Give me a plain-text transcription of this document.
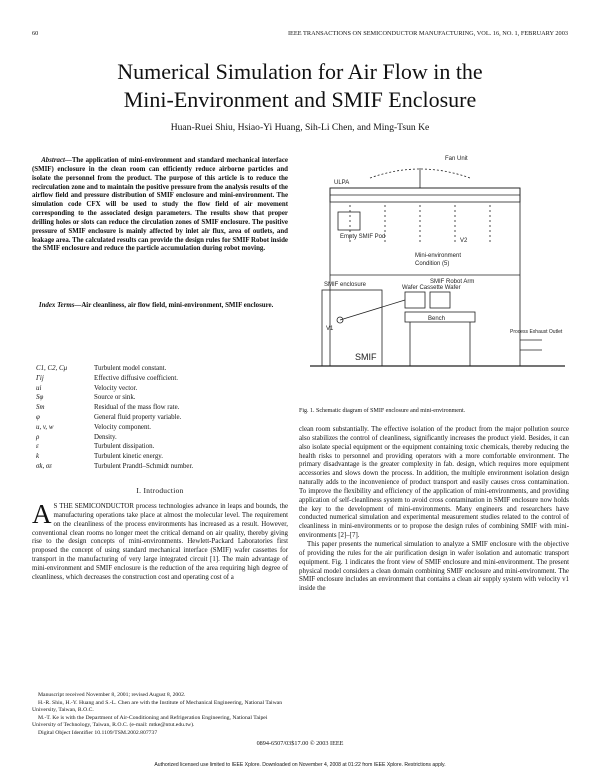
60	IEEE TRANSACTIONS ON SEMICONDUCTOR MANUFACTURING, VOL. 16, NO. 1, FEBRUARY 2003
Numerical Simulation for Air Flow in the
Mini-Environment and SMIF Enclosure
Huan-Ruei Shiu, Hsiao-Yi Huang, Sih-Li Chen, and Ming-Tsun Ke

Abstract—The application of mini-environment and standard mechanical interface (SMIF) enclosure in the clean room can efficiently reduce airborne particles and isolate the personnel from the product. The purpose of this article is to reduce the recirculation zone and to maintain the positive pressure from the analysis results of the airflow field and pressure distribution of SMIF enclosure and mini-environment. The simulation code CFX will be used to study the flow field of air movement corresponding to the associated design parameters. The results show that proper drilling holes or slots can reduce the circulation zones of SMIF enclosure. The positive pressure of SMIF enclosure is mainly affected by inlet air flux, area of outlets, and leakage area. The calculated results can provide the design rules for SMIF Robot inside the SMIF enclosure and reduce the particle accumulation during robot moving.

Index Terms—Air cleanliness, air flow field, mini-environment, SMIF enclosure.

C1, C2, Cμ	Turbulent model constant.
Γij	Effective diffusive coefficient.
ui	Velocity vector.
Sφ	Source or sink.
Sm	Residual of the mass flow rate.
φ	General fluid property variable.
u, v, w	Velocity component.
ρ	Density.
ε	Turbulent dissipation.
k	Turbulent kinetic energy.
σk, σε	Turbulent Prandtl–Schmidt number.
I. Introduction

A S THE SEMICONDUCTOR process technologies advance in leaps and bounds, the manufacturing operations take place at almost the molecular level. The requirement on the cleanliness of the process environments has increased as a result. However, conventional clean rooms no longer meet the critical demand on air quality, thereby giving rise to the design concepts of mini-environments. Hewlett-Packard Laboratories first proposed the concept of using standard mechanical interface (SMIF) wafer cassettes for transport in the manufacturing of very large integrated circuit [1]. The main advantage of mini-environment and SMIF enclosure is the reduction of the area requiring high degree of cleanliness, which decreases the construction cost and operating cost of a

Manuscript received November 8, 2001; revised August 8, 2002.

H.-R. Shiu, H.-Y. Huang and S.-L. Chen are with the Institute of Mechanical Engineering, National Taiwan University, Taiwan, R.O.C.

M.-T. Ke is with the Department of Air-Conditioning and Refrigeration Engineering, National Taipei University of Technology, Taiwan, R.O.C. (e-mail: mtke@ntut.edu.tw).

Digital Object Identifier 10.1109/TSM.2002.807737

Fan Unit
ULPA
Empty SMIF Pod
V2
Mini-environment
Condition (5)
SMIF Robot Arm
SMIF enclosure	Wafer Cassette Wafer
Bench
V1
SMIF
Process Exhaust Outlet
Fig. 1. Schematic diagram of SMIF enclosure and mini-environment.

clean room substantially. The effective isolation of the product from the major pollution source also stabilizes the control of cleanliness, significantly increases the product yield. Besides, it can also isolate special equipment or the equipment containing toxic chemicals, thereby reducing the health risks to personnel and providing operators with a more comfortable environment. The primary disadvantage is the greater complexity in fab. design, which requires more equipment accessories and slows down the process. In addition, the multiple environment isolation design naturally adds to the inconvenience of product transport and easily causes cross contamination. To improve the flexibility and efficiency of the application of mini-environments, and providing application of self-cleanliness system to avoid cross contamination in SMIF enclosure now holds the key to the development of mini-environments. Many engineers and researchers have conducted numerical simulation and experimental measurement studies related to the control of cleanliness in mini-environments or to propose the design rules of combining SMIF with mini-environments [2]–[7].

This paper presents the numerical simulation to analyze a SMIF enclosure with the objective of providing the rules for the air purification design in wafer isolation and automatic transport equipment. Fig. 1 indicates the front view of SMIF enclosure and mini-environment. The present physical model considers a clean domain combining SMIF enclosure and mini-environment. The SMIF enclosure includes an environment that contains a clean air supply system with velocity v1 inside the

0894-6507/03$17.00 © 2003 IEEE
Authorized licensed use limited to IEEE Xplore. Downloaded on November 4, 2008 at 01:22 from IEEE Xplore. Restrictions apply.
